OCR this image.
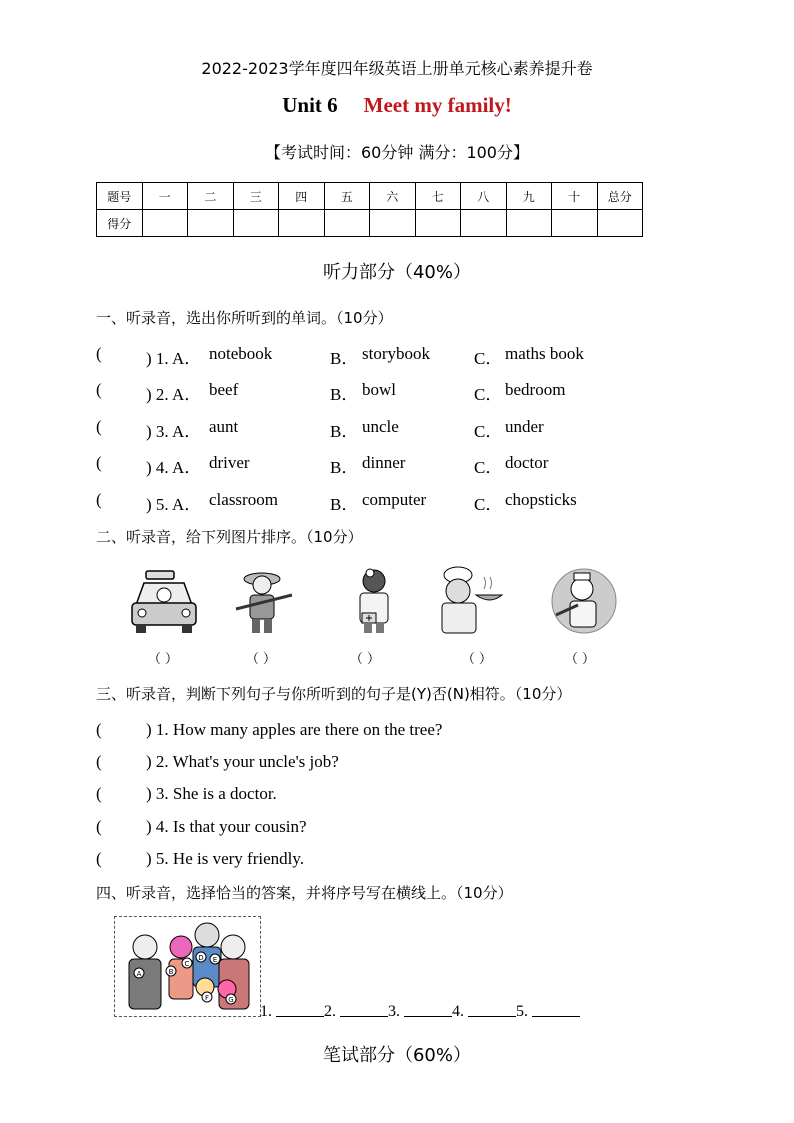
2022-2023学年度四年级英语上册单元核心素养提升卷
Unit 6 Meet my family!
【考试时间：60分钟 满分：100分】
题号	一	二	三	四	五	六	七	八	九	十	总分
得分											
听力部分（40%）
一、听录音，选出你所听到的单词。（10分）
(	) 1. A． notebook	B． storybook	C． maths book
(	) 2. A． beef	B． bowl	C． bedroom
(	) 3. A． aunt	B． uncle	C． under
(	) 4. A． driver	B． dinner	C． doctor
(	) 5. A． classroom	B． computer	C． chopsticks
二、听录音，给下列图片排序。（10分）
（ ）	（ ）	（ ）	（ ）	（ ）
三、听录音，判断下列句子与你所听到的句子是(Y)否(N)相符。（10分）
(	) 1. How many apples are there on the tree?
(	) 2. What's your uncle's job?
(	) 3. She is a doctor.
(	) 4. Is that your cousin?
(	) 5. He is very friendly.
四、听录音，选择恰当的答案，并将序号写在横线上。（10分）
A	B
C
D E
F	G
1.	2.	3.	4.	5.
笔试部分（60%）
